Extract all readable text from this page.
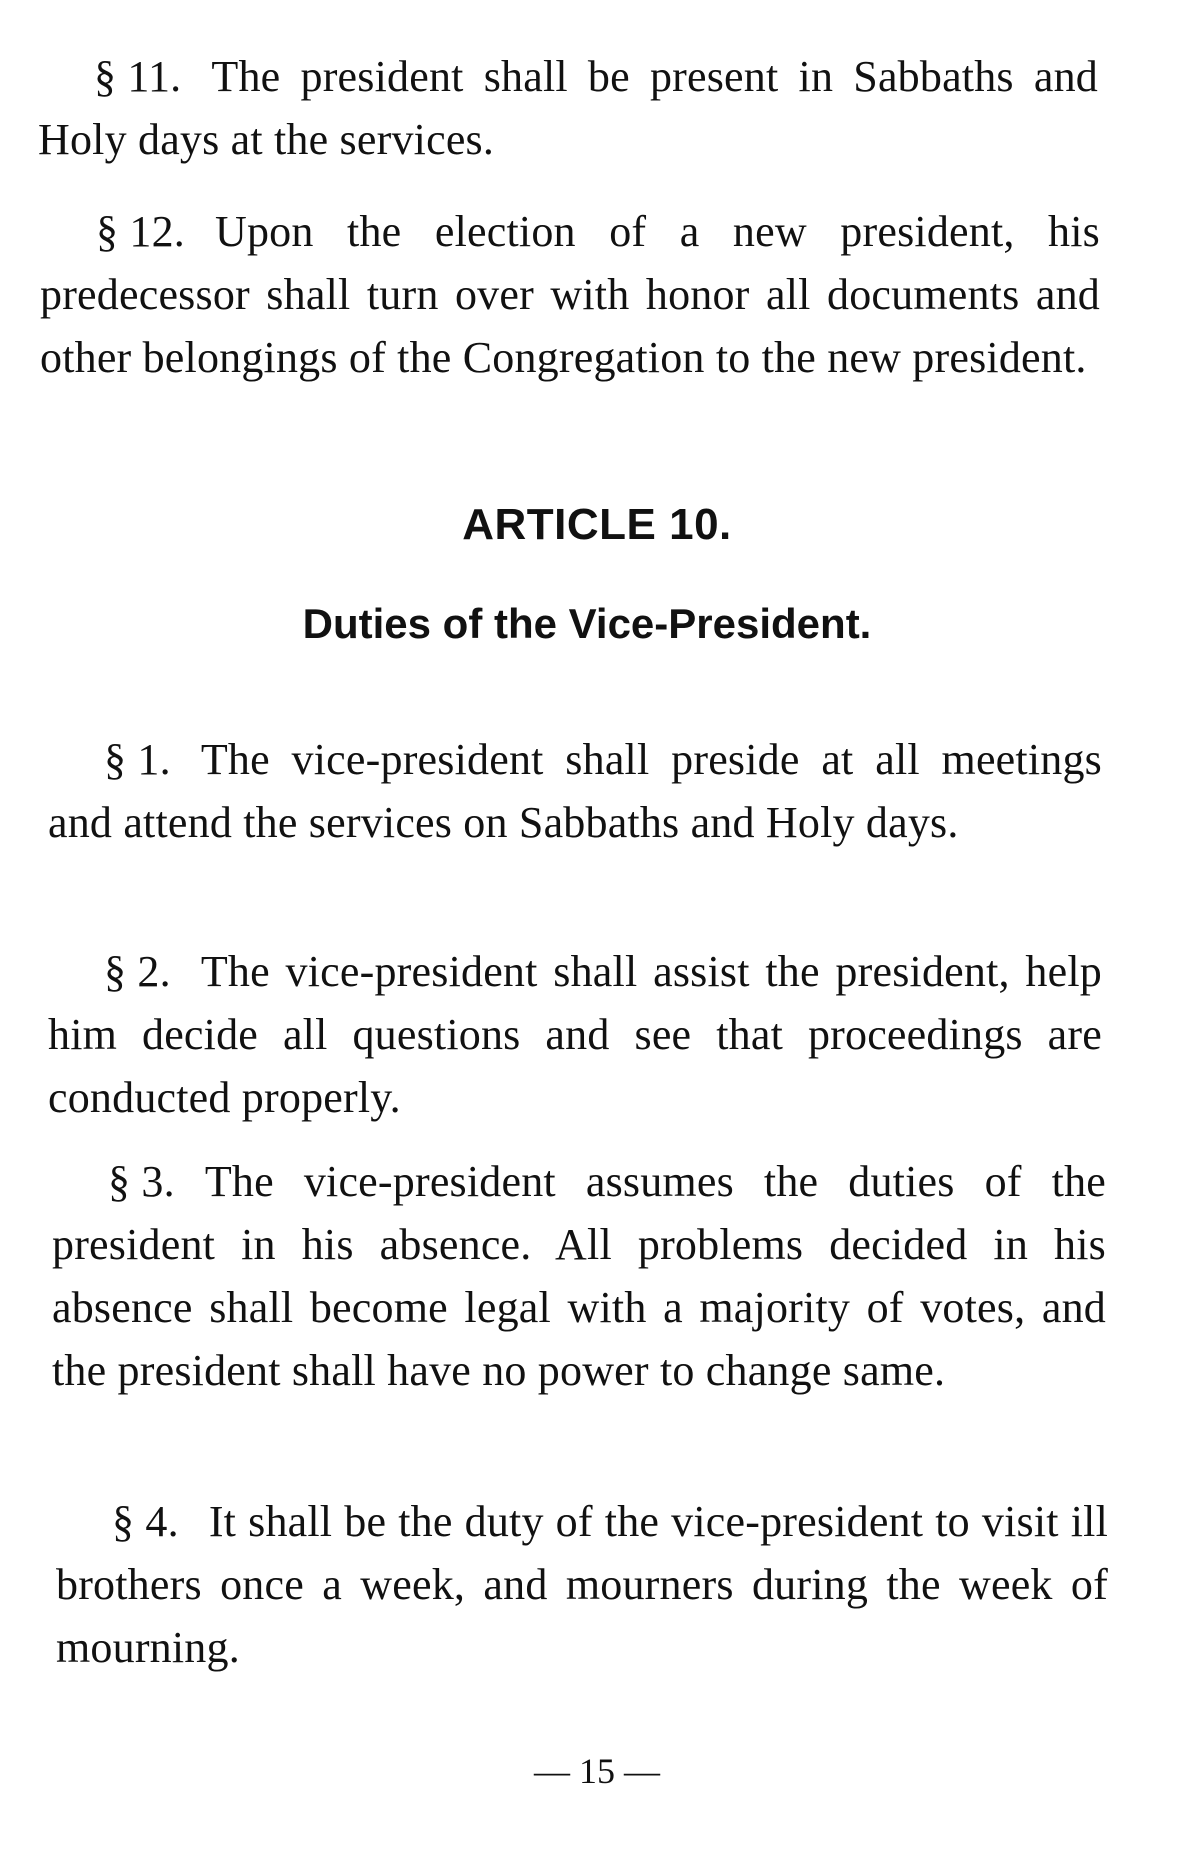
§ 11. The president shall be present in Sabbaths and Holy days at the services.
§ 12. Upon the election of a new president, his predecessor shall turn over with honor all documents and other belongings of the Congregation to the new president.
ARTICLE 10.
Duties of the Vice-President.
§ 1. The vice-president shall preside at all meetings and attend the services on Sabbaths and Holy days.
§ 2. The vice-president shall assist the president, help him decide all questions and see that proceedings are conducted properly.
§ 3. The vice-president assumes the duties of the president in his absence. All problems decided in his absence shall become legal with a majority of votes, and the president shall have no power to change same.
§ 4. It shall be the duty of the vice-president to visit ill brothers once a week, and mourners during the week of mourning.
— 15 —
